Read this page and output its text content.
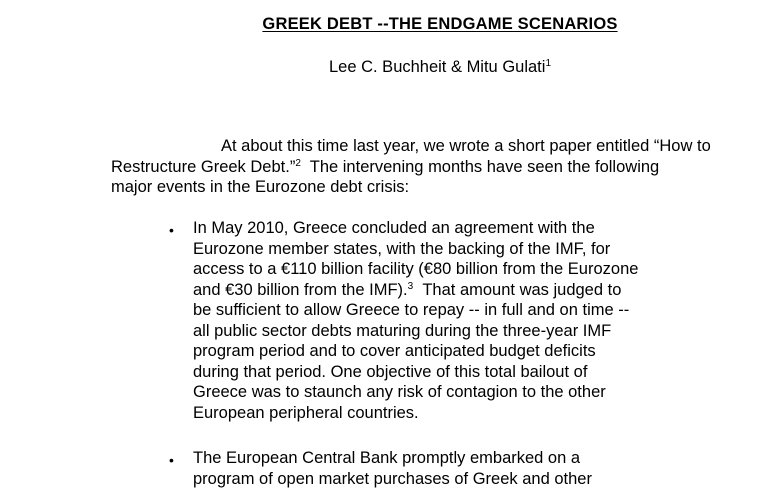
GREEK DEBT --THE ENDGAME SCENARIOS
Lee C. Buchheit & Mitu Gulati$^1$
At about this time last year, we wrote a short paper entitled “How to
Restructure Greek Debt.”$^2$  The intervening months have seen the following
major events in the Eurozone debt crisis:
• In May 2010, Greece concluded an agreement with the
Eurozone member states, with the backing of the IMF, for
access to a €110 billion facility (€80 billion from the Eurozone
and €30 billion from the IMF).$^3$ That amount was judged to
be sufficient to allow Greece to repay -- in full and on time --
all public sector debts maturing during the three-year IMF
program period and to cover anticipated budget deficits
during that period. One objective of this total bailout of
Greece was to staunch any risk of contagion to the other
European peripheral countries.
• The European Central Bank promptly embarked on a
program of open market purchases of Greek and other
